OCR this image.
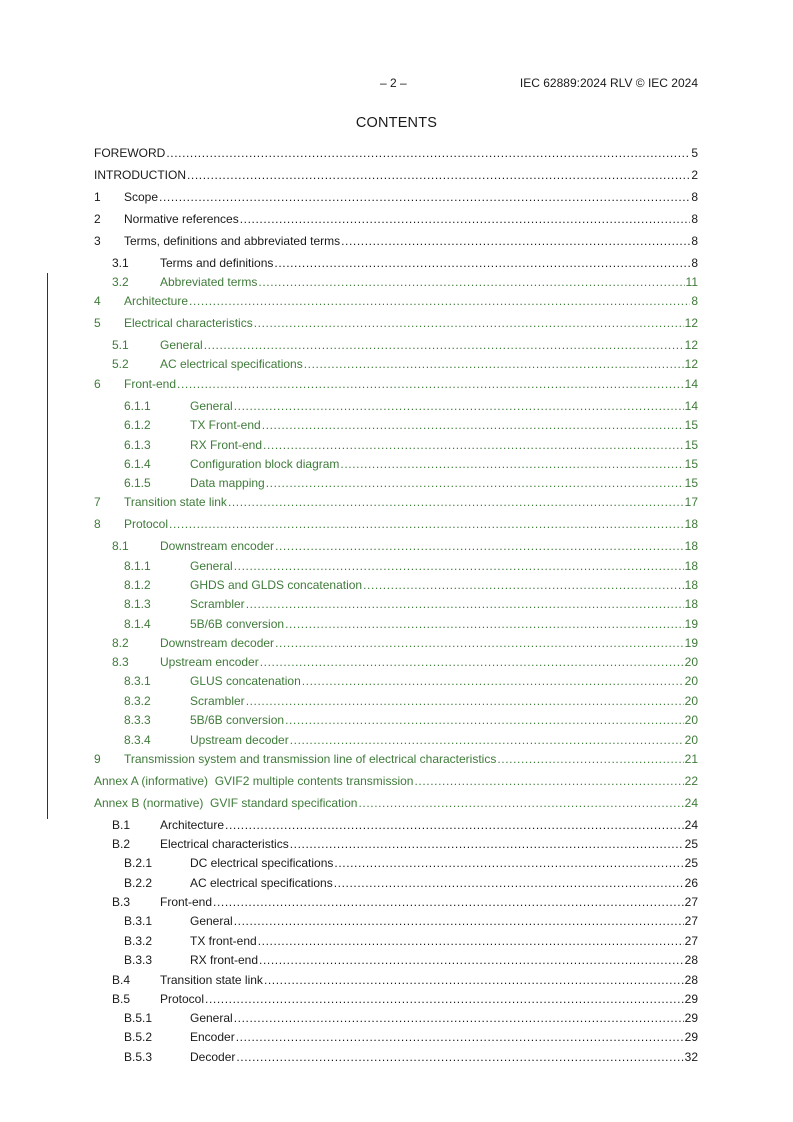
– 2 –	IEC 62889:2024 RLV © IEC 2024
CONTENTS
FOREWORD .....	5
INTRODUCTION .....	2
1	Scope .....	8
2	Normative references .....	8
3	Terms, definitions and abbreviated terms .....	8
3.1	Terms and definitions .....	8
3.2	Abbreviated terms .....	11
4	Architecture .....	8
5	Electrical characteristics .....	12
5.1	General .....	12
5.2	AC electrical specifications .....	12
6	Front-end .....	14
6.1.1	General .....	14
6.1.2	TX Front-end .....	15
6.1.3	RX Front-end .....	15
6.1.4	Configuration block diagram .....	15
6.1.5	Data mapping .....	15
7	Transition state link .....	17
8	Protocol .....	18
8.1	Downstream encoder .....	18
8.1.1	General .....	18
8.1.2	GHDS and GLDS concatenation .....	18
8.1.3	Scrambler .....	18
8.1.4	5B/6B conversion .....	19
8.2	Downstream decoder .....	19
8.3	Upstream encoder .....	20
8.3.1	GLUS concatenation .....	20
8.3.2	Scrambler .....	20
8.3.3	5B/6B conversion .....	20
8.3.4	Upstream decoder .....	20
9	Transmission system and transmission line of electrical characteristics .....	21
Annex A (informative)  GVIF2 multiple contents transmission .....	22
Annex B (normative)  GVIF standard specification .....	24
B.1	Architecture .....	24
B.2	Electrical characteristics .....	25
B.2.1	DC electrical specifications .....	25
B.2.2	AC electrical specifications .....	26
B.3	Front-end .....	27
B.3.1	General .....	27
B.3.2	TX front-end .....	27
B.3.3	RX front-end .....	28
B.4	Transition state link .....	28
B.5	Protocol .....	29
B.5.1	General .....	29
B.5.2	Encoder .....	29
B.5.3	Decoder .....	32
